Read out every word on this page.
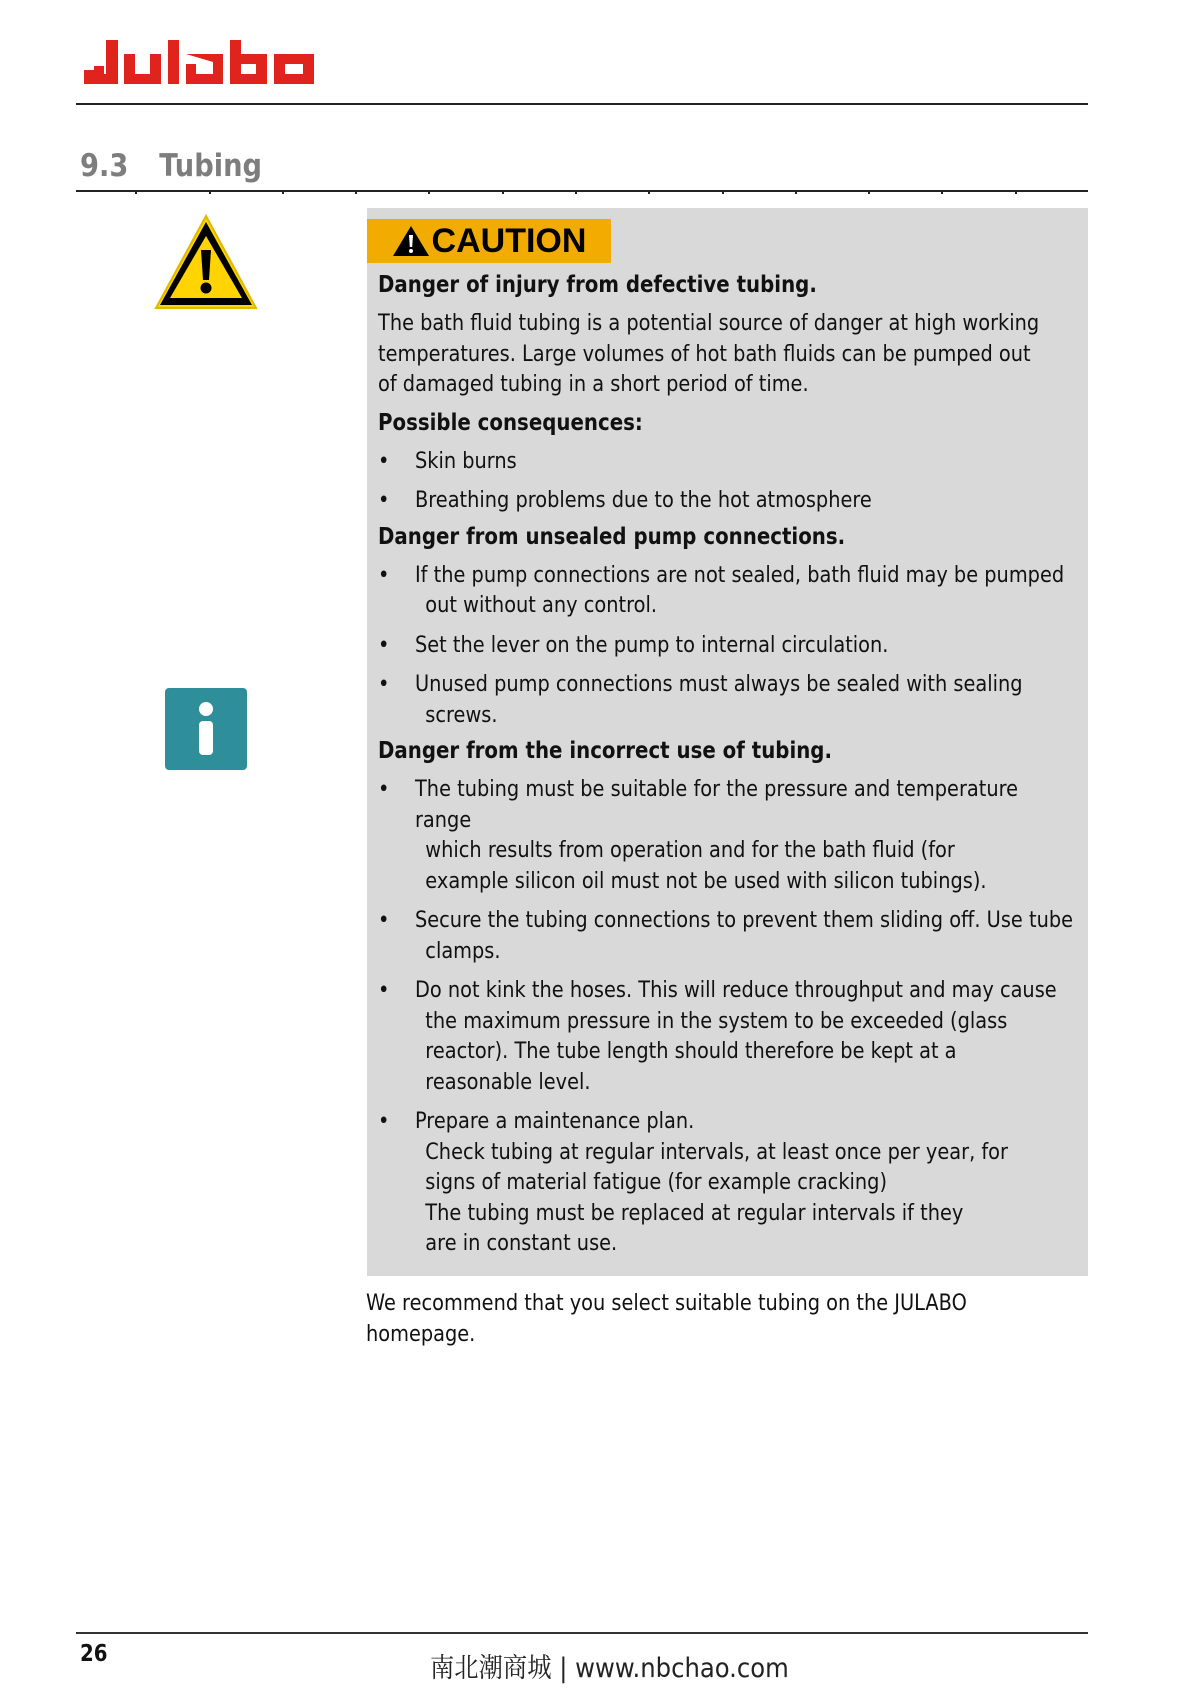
9.3 Tubing
CAUTION
Danger of injury from defective tubing.
The bath fluid tubing is a potential source of danger at high working temperatures. Large volumes of hot bath fluids can be pumped out of damaged tubing in a short period of time.
Possible consequences:
• Skin burns
• Breathing problems due to the hot atmosphere
Danger from unsealed pump connections.
• If the pump connections are not sealed, bath fluid may be pumped
out without any control.
• Set the lever on the pump to internal circulation.
• Unused pump connections must always be sealed with sealing
screws.
Danger from the incorrect use of tubing.
• The tubing must be suitable for the pressure and temperature range
which results from operation and for the bath fluid (for example silicon oil must not be used with silicon tubings).
• Secure the tubing connections to prevent them sliding off. Use tube
clamps.
• Do not kink the hoses. This will reduce throughput and may cause
the maximum pressure in the system to be exceeded (glass reactor). The tube length should therefore be kept at a reasonable level.
• Prepare a maintenance plan.
Check tubing at regular intervals, at least once per year, for signs of material fatigue (for example cracking)
The tubing must be replaced at regular intervals if they are in constant use.
We recommend that you select suitable tubing on the JULABO homepage.
26	南北潮商城 | www.nbchao.com
